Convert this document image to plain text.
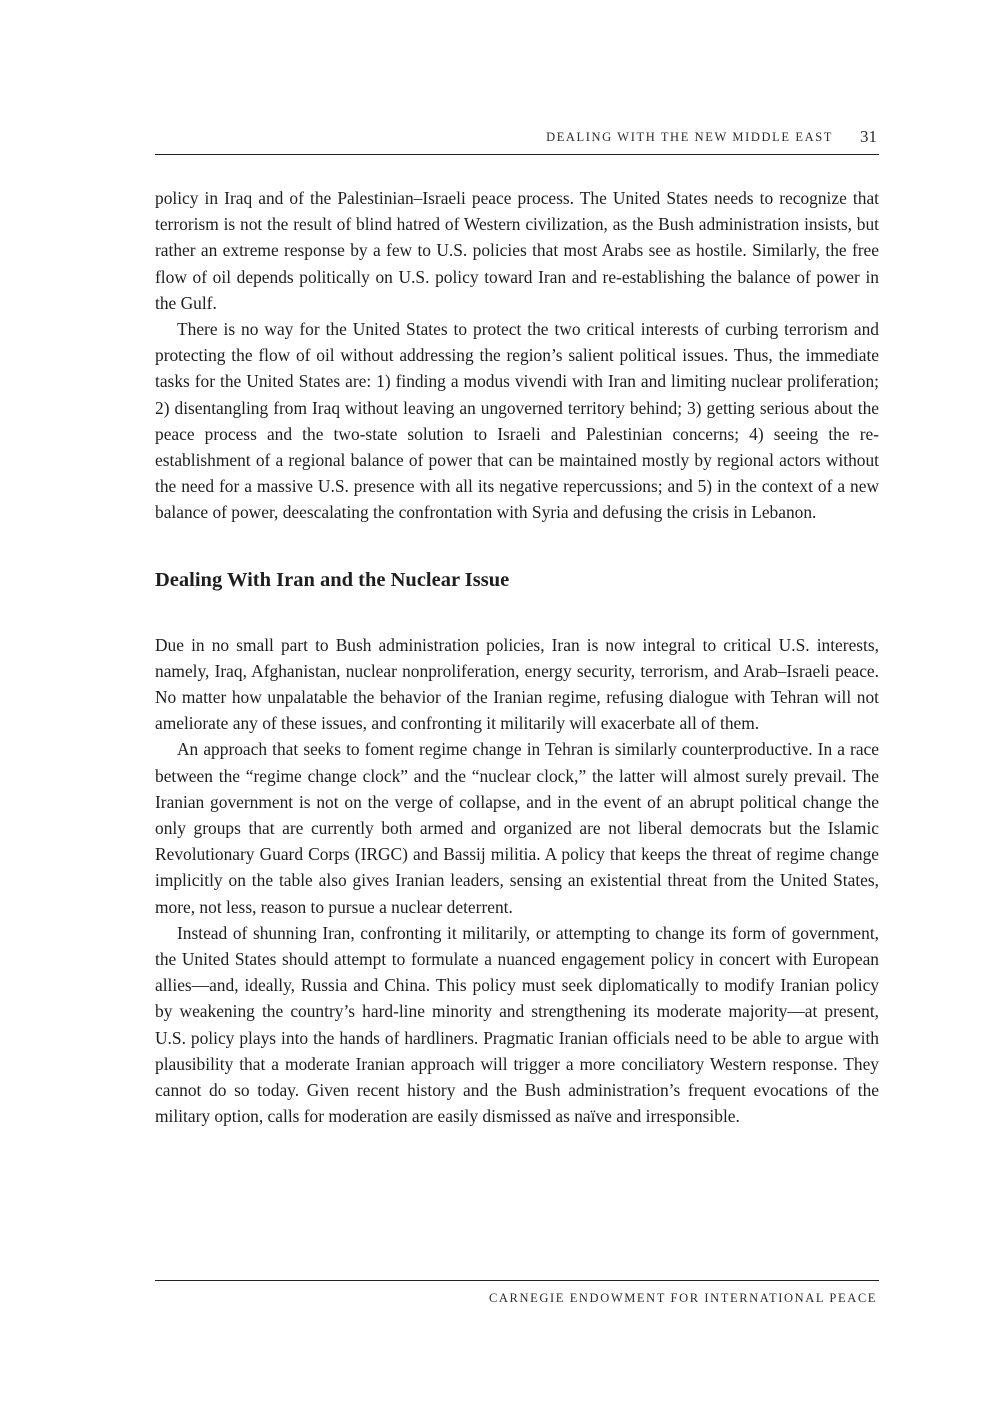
DEALING WITH THE NEW MIDDLE EAST 31

policy in Iraq and of the Palestinian–Israeli peace process. The United States needs to recognize that terrorism is not the result of blind hatred of Western civilization, as the Bush administration insists, but rather an extreme response by a few to U.S. policies that most Arabs see as hostile. Similarly, the free flow of oil depends politically on U.S. policy toward Iran and re-establishing the balance of power in the Gulf.

There is no way for the United States to protect the two critical interests of curbing terrorism and protecting the flow of oil without addressing the region’s salient political issues. Thus, the immediate tasks for the United States are: 1) finding a modus vivendi with Iran and limiting nuclear proliferation; 2) disentangling from Iraq without leaving an ungoverned territory behind; 3) getting serious about the peace process and the two-state solution to Israeli and Palestinian concerns; 4) seeing the re-establishment of a regional balance of power that can be maintained mostly by regional actors without the need for a massive U.S. presence with all its negative repercussions; and 5) in the context of a new balance of power, deescalating the confrontation with Syria and defusing the crisis in Lebanon.

Dealing With Iran and the Nuclear Issue

Due in no small part to Bush administration policies, Iran is now integral to critical U.S. interests, namely, Iraq, Afghanistan, nuclear nonproliferation, energy security, terrorism, and Arab–Israeli peace. No matter how unpalatable the behavior of the Iranian regime, refusing dialogue with Tehran will not ameliorate any of these issues, and confronting it militarily will exacerbate all of them.

An approach that seeks to foment regime change in Tehran is similarly counterproductive. In a race between the “regime change clock” and the “nuclear clock,” the latter will almost surely prevail. The Iranian government is not on the verge of collapse, and in the event of an abrupt political change the only groups that are currently both armed and organized are not liberal democrats but the Islamic Revolutionary Guard Corps (IRGC) and Bassij militia. A policy that keeps the threat of regime change implicitly on the table also gives Iranian leaders, sensing an existential threat from the United States, more, not less, reason to pursue a nuclear deterrent.

Instead of shunning Iran, confronting it militarily, or attempting to change its form of government, the United States should attempt to formulate a nuanced engagement policy in concert with European allies—and, ideally, Russia and China. This policy must seek diplomatically to modify Iranian policy by weakening the country’s hard-line minority and strengthening its moderate majority—at present, U.S. policy plays into the hands of hardliners. Pragmatic Iranian officials need to be able to argue with plausibility that a moderate Iranian approach will trigger a more conciliatory Western response. They cannot do so today. Given recent history and the Bush administration’s frequent evocations of the military option, calls for moderation are easily dismissed as naïve and irresponsible.

CARNEGIE ENDOWMENT FOR INTERNATIONAL PEACE
